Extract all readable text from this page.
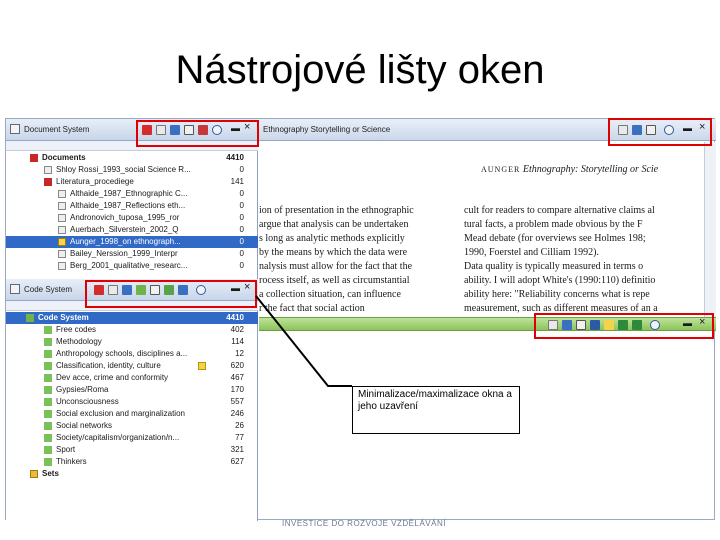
Nástrojové lišty oken
Document System	▬ ×
Documents	4410
Shloy Rossi_1993_social Science R...	0
Literatura_procediege	141
Althaide_1987_Ethnographic C...	0
Althaide_1987_Reflections eth...	0
Andronovich_tuposa_1995_ror	0
Auerbach_Silverstein_2002_Q	0
Aunger_1998_on ethnograph...	0
Bailey_Nerssion_1999_Interpr	0
Berg_2001_qualitative_researc...	0
Code System	▬ ×
Code System	4410
Free codes	402
Methodology	114
Anthropology schools, disciplines a...	12
Classification, identity, culture	620
Dev acce, crime and conformity	467
Gypsies/Roma	170
Unconsciousness	557
Social exclusion and marginalization	246
Social networks	26
Society/capitalism/organization/n...	77
Sport	321
Thinkers	627
Sets
Ethnography Storytelling or Science	▬ ×
AUNGER Ethnography: Storytelling or Scie
ion of presentation in the ethnographic
argue that analysis can be undertaken
s long as analytic methods explicitly
by the means by which the data were
nalysis must allow for the fact that the
rocess itself, as well as circumstantial
a collection situation, can influence
r the fact that social action
cult for readers to compare alternative claims al
tural facts, a problem made obvious by the F
Mead debate (for overviews see Holmes 198;
1990, Foerstel and Cilliam 1992).
Data quality is typically measured in terms o
ability. I will adopt White's (1990:110) definitio
ability here: "Reliability concerns what is repe
measurement, such as different measures of an a
▬ ×
Minimalizace/maximalizace okna a jeho uzavření
INVESTICE DO ROZVOJE VZDĚLÁVÁNÍ
